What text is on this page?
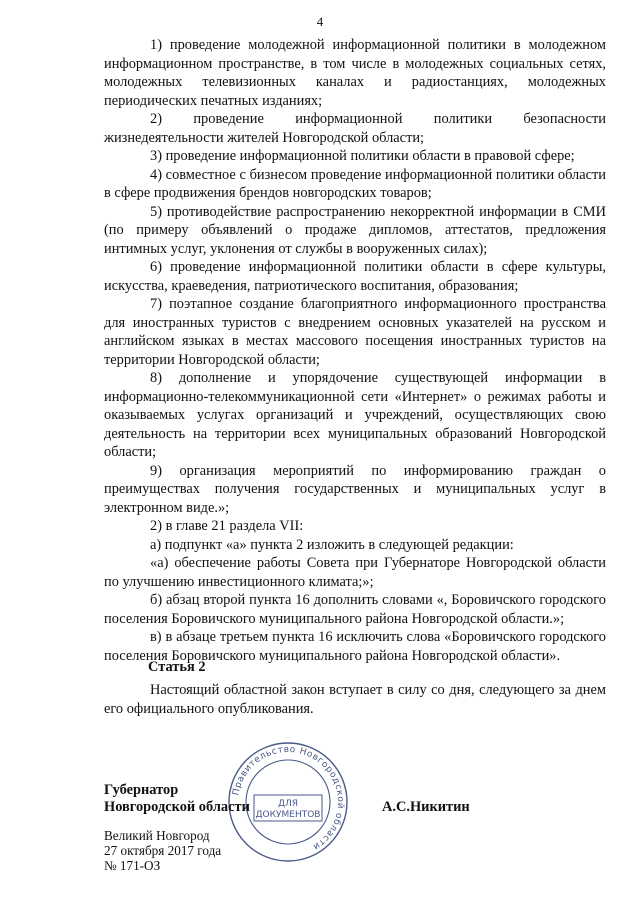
4

1) проведение молодежной информационной политики в молодежном информационном пространстве, в том числе в молодежных социальных сетях, молодежных телевизионных каналах и радиостанциях, молодежных периодических печатных изданиях;

2) проведение информационной политики безопасности жизнедеятельности жителей Новгородской области;

3) проведение информационной политики области в правовой сфере;

4) совместное с бизнесом проведение информационной политики области в сфере продвижения брендов новгородских товаров;

5) противодействие распространению некорректной информации в СМИ (по примеру объявлений о продаже дипломов, аттестатов, предложения интимных услуг, уклонения от службы в вооруженных силах);

6) проведение информационной политики области в сфере культуры, искусства, краеведения, патриотического воспитания, образования;

7) поэтапное создание благоприятного информационного пространства для иностранных туристов с внедрением основных указателей на русском и английском языках в местах массового посещения иностранных туристов на территории Новгородской области;

8) дополнение и упорядочение существующей информации в информационно-телекоммуникационной сети «Интернет» о режимах работы и оказываемых услугах организаций и учреждений, осуществляющих свою деятельность на территории всех муниципальных образований Новгородской области;

9) организация мероприятий по информированию граждан о преимуществах получения государственных и муниципальных услуг в электронном виде.»;

2) в главе 21 раздела VII:

а) подпункт «а» пункта 2 изложить в следующей редакции:

«а) обеспечение работы Совета при Губернаторе Новгородской области по улучшению инвестиционного климата;»;

б) абзац второй пункта 16 дополнить словами «, Боровичского городского поселения Боровичского муниципального района Новгородской области.»;

в) в абзаце третьем пункта 16 исключить слова «Боровичского городского поселения Боровичского муниципального района Новгородской области».

Статья 2
Настоящий областной закон вступает в силу со дня, следующего за днем его официального опубликования.
Правительство Новгородской области
ДЛЯ
ДОКУМЕНТОВ
Губернатор
Новгородской области	А.С.Никитин
Великий Новгород
27 октября 2017 года
№ 171-ОЗ
